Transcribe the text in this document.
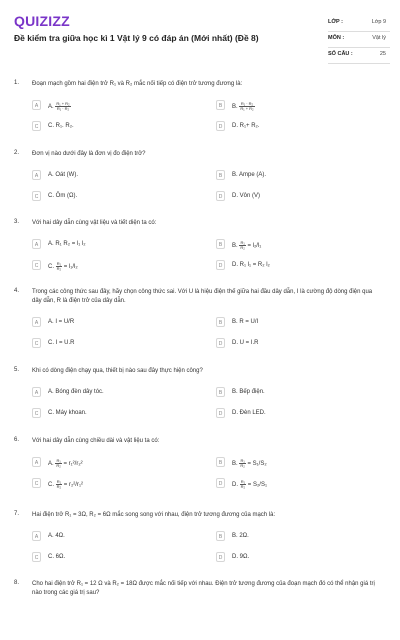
QUIZIZZ
Đề kiểm tra giữa học kì 1 Vật lý 9 có đáp án (Mới nhất) (Đề 8)
LỚP :	Lớp 9
MÔN :	Vật lý
SỐ CÂU :	25
1. Đoạn mạch gồm hai điện trở R₁ và R₂ mắc nối tiếp có điện trở tương đương là:
A	A. $\frac{\text{R₁ + R₂}}{\text{R₁ · R₂}}$	B	B. $\frac{\text{R₁ · R₂}}{\text{R₁ + R₂}}$
C	C. R₁. R₂.	D	D. R₁+ R₂.
2. Đơn vị nào dưới đây là đơn vị đo điện trở?
A	A. Oát (W).	B	B. Ampe (A).
C	C. Ôm (Ω).	D	D. Vôn (V)
3. Với hai dây dẫn cùng vật liệu và tiết diện ta có:
A	A. R₁ R₂ = l₁ l₂	B	B. $\frac{\text{R₁}}{\text{R₂}} = l_2/l_1$
C	C. $\frac{\text{R₁}}{\text{R₂}} = l_1/l_2$	D	D. R₁ l₁ = R₂ l₂
4. Trong các công thức sau đây, hãy chọn công thức sai. Với U là hiệu điện thế giữa hai đầu dây dẫn, I là cường độ dòng điện qua dây dẫn, R là điện trở của dây dẫn.
A	A. I = U/R	B	B. R = U/I
C	C. I = U.R	D	D. U = I.R
5. Khi có dòng điện chạy qua, thiết bị nào sau đây thực hiện công?
A	A. Bóng đèn dây tóc.	B	B. Bếp điện.
C	C. Máy khoan.	D	D. Đèn LED.
6. Với hai dây dẫn cùng chiều dài và vật liệu ta có:
A	A. $\frac{\text{R₁}}{\text{R₂}} = r_1^2/r_2^2$	B	B. $\frac{\text{R₁}}{\text{R₂}} = S_1/S_2$
C	C. $\frac{\text{R₁}}{\text{R₂}} = r_2^2/r_1^2$	D	D. $\frac{\text{R₁}}{\text{R₂}} = S_2/S_1$
7. Hai điện trở R₁ = 3Ω, R₂ = 6Ω mắc song song với nhau, điện trở tương đương của mạch là:
A	A. 4Ω.	B	B. 2Ω.
C	C. 6Ω.	D	D. 9Ω.
8. Cho hai điện trở R₁ = 12 Ω và R₂ = 18Ω được mắc nối tiếp với nhau. Điện trở tương đương của đoạn mạch đó có thể nhận giá trị nào trong các giá trị sau?
